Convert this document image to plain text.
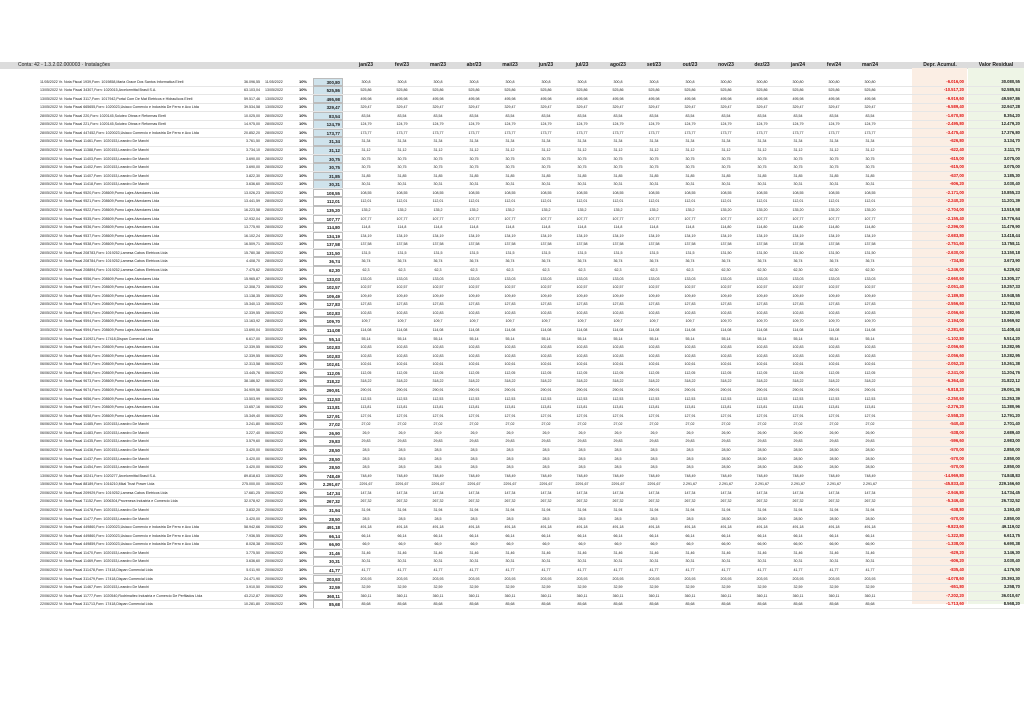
Conta: 42 - 1.3.2.02.000003 · Instalações	jan/23	fev/23	mar/23	abr/23	mai/23	jun/23	jul/23	ago/23	set/23	out/23	nov/23	dez/23	jan/24	fev/24	mar/24	Depr. Acumul.	Valor Residual
11/05/2022 Vr. Nota Fiscal 1939,Forn: 1019858,Maria Grace Dos Santos Informatica Eireli	36.096,55 11/05/2022	10%	300,80	300,8	300,8	300,8	300,8	300,8	300,8	300,8	300,8	300,8	300,8	300,80	300,80	300,80	300,80	300,80	-6.016,00	30.080,55
13/05/2022 Vr. Nota Fiscal 34307,Forn: 1020015,Arcelormittal Brasil S.A.	63.103,04 13/05/2022	10%	525,86	525,86	525,86	525,86	525,86	525,86	525,86	525,86	525,86	525,86	525,86	525,86	525,86	525,86	525,86	525,86	-10.517,20	52.585,84
13/05/2022 Vr. Nota Fiscal 3117,Forn: 1017942,Portal Com De Mat Eletricos e Hidraulicos Eireli	59.517,46 13/05/2022	10%	495,98	495,98	495,98	495,98	495,98	495,98	495,98	495,98	495,98	495,98	495,98	495,98	495,98	495,98	495,98	495,98	-9.919,60	49.597,86
13/05/2022 Vr. Nota Fiscal 665655,Forn: 1020023,Usiaco Comercio e Industria De Ferro e Aco Ltda	39.534,58 13/05/2022	10%	329,47	329,47	329,47	329,47	329,47	329,47	329,47	329,47	329,47	329,47	329,47	329,47	329,47	329,47	329,47	329,47	-6.589,40	32.947,28
28/05/2022 Vr. Nota Fiscal 220,Forn: 1020145,Soluteo Obras e Reformas Eireli	10.025,00 28/05/2022	10%	83,54	83,54	83,54	83,54	83,54	83,54	83,54	83,54	83,54	83,54	83,54	83,54	83,54	83,54	83,54	83,54	-1.670,80	8.354,20
28/05/2022 Vr. Nota Fiscal 221,Forn: 1020145,Soluteo Obras e Reformas Eireli	14.975,00 28/05/2022	10%	124,79	124,79	124,79	124,79	124,79	124,79	124,79	124,79	124,79	124,79	124,79	124,79	124,79	124,79	124,79	124,79	-2.495,80	12.479,20
28/05/2022 Vr. Nota Fiscal 447452,Forn: 1020023,Usiaco Comercio e Industria De Ferro e Aco Ltda	20.852,20 28/05/2022	10%	173,77	173,77	173,77	173,77	173,77	173,77	173,77	173,77	173,77	173,77	173,77	173,77	173,77	173,77	173,77	173,77	-3.475,40	17.376,80
28/05/2022 Vr. Nota Fiscal 11461,Forn: 1020153,Leandro De Marchi	3.761,50 28/05/2022	10%	31,34	31,34	31,34	31,34	31,34	31,34	31,34	31,34	31,34	31,34	31,34	31,34	31,34	31,34	31,34	31,34	-626,80	3.134,70
28/05/2022 Vr. Nota Fiscal 11388,Forn: 1020153,Leandro De Marchi	3.734,10 28/05/2022	10%	31,12	31,12	31,12	31,12	31,12	31,12	31,12	31,12	31,12	31,12	31,12	31,12	31,12	31,12	31,12	31,12	-622,40	3.111,70
28/05/2022 Vr. Nota Fiscal 11403,Forn: 1020153,Leandro De Marchi	3.690,00 28/05/2022	10%	30,75	30,75	30,75	30,75	30,75	30,75	30,75	30,75	30,75	30,75	30,75	30,75	30,75	30,75	30,75	30,75	-615,00	3.075,00
28/05/2022 Vr. Nota Fiscal 11402,Forn: 1020153,Leandro De Marchi	3.690,00 28/05/2022	10%	30,75	30,75	30,75	30,75	30,75	30,75	30,75	30,75	30,75	30,75	30,75	30,75	30,75	30,75	30,75	30,75	-615,00	3.075,00
28/05/2022 Vr. Nota Fiscal 11407,Forn: 1020153,Leandro De Marchi	3.822,30 28/05/2022	10%	31,85	31,85	31,85	31,85	31,85	31,85	31,85	31,85	31,85	31,85	31,85	31,85	31,85	31,85	31,85	31,85	-637,00	3.185,30
28/05/2022 Vr. Nota Fiscal 11418,Forn: 1020153,Leandro De Marchi	3.636,60 28/05/2022	10%	30,31	30,31	30,31	30,31	30,31	30,31	30,31	30,31	30,31	30,31	30,31	30,31	30,31	30,31	30,31	30,31	-606,20	3.030,40
28/05/2022 Vr. Nota Fiscal 9520,Forn: 208609,Pumo Lajes Alveolares Ltda	13.026,23 28/05/2022	10%	108,55	108,55	108,55	108,55	108,55	108,55	108,55	108,55	108,55	108,55	108,55	108,55	108,55	108,55	108,55	108,55	-2.171,00	10.855,23
28/05/2022 Vr. Nota Fiscal 9521,Forn: 208609,Pumo Lajes Alveolares Ltda	13.441,59 28/05/2022	10%	112,01	112,01	112,01	112,01	112,01	112,01	112,01	112,01	112,01	112,01	112,01	112,01	112,01	112,01	112,01	112,01	-2.240,20	11.201,39
28/05/2022 Vr. Nota Fiscal 9522,Forn: 208609,Pumo Lajes Alveolares Ltda	16.223,58 28/05/2022	10%	135,20	135,2	135,2	135,2	135,2	135,2	135,2	135,2	135,2	135,2	135,2	135,20	135,20	135,20	135,20	135,20	-2.704,00	13.519,58
28/05/2022 Vr. Nota Fiscal 9535,Forn: 208609,Pumo Lajes Alveolares Ltda	12.932,04 28/05/2022	10%	107,77	107,77	107,77	107,77	107,77	107,77	107,77	107,77	107,77	107,77	107,77	107,77	107,77	107,77	107,77	107,77	-2.155,40	10.776,64
28/05/2022 Vr. Nota Fiscal 9536,Forn: 208609,Pumo Lajes Alveolares Ltda	13.775,90 28/05/2022	10%	114,80	114,8	114,8	114,8	114,8	114,8	114,8	114,8	114,8	114,8	114,8	114,80	114,80	114,80	114,80	114,80	-2.296,00	11.479,90
28/05/2022 Vr. Nota Fiscal 9537,Forn: 208609,Pumo Lajes Alveolares Ltda	16.102,24 28/05/2022	10%	134,19	134,19	134,19	134,19	134,19	134,19	134,19	134,19	134,19	134,19	134,19	134,19	134,19	134,19	134,19	134,19	-2.683,80	13.418,44
28/05/2022 Vr. Nota Fiscal 9538,Forn: 208609,Pumo Lajes Alveolares Ltda	16.509,71 28/05/2022	10%	137,58	137,58	137,58	137,58	137,58	137,58	137,58	137,58	137,58	137,58	137,58	137,58	137,58	137,58	137,58	137,58	-2.751,60	13.758,11
28/05/2022 Vr. Nota Fiscal 208783,Forn: 1019252,Lamesa Cabos Eletricos Ltda	15.780,38 28/05/2022	10%	131,50	131,5	131,5	131,5	131,5	131,5	131,5	131,5	131,5	131,5	131,5	131,50	131,50	131,50	131,50	131,50	-2.630,00	13.150,18
28/05/2022 Vr. Nota Fiscal 208784,Forn: 1019252,Lamesa Cabos Eletricos Ltda	4.408,70 28/05/2022	10%	36,74	36,74	36,74	36,74	36,74	36,74	36,74	36,74	36,74	36,74	36,74	36,74	36,74	36,74	36,74	36,74	-734,80	3.673,90
28/05/2022 Vr. Nota Fiscal 208894,Forn: 1019252,Lamesa Cabos Eletricos Ltda	7.475,62 28/05/2022	10%	62,30	62,3	62,3	62,3	62,3	62,3	62,3	62,3	62,3	62,3	62,3	62,30	62,30	62,30	62,30	62,30	-1.246,00	6.229,62
28/05/2022 Vr. Nota Fiscal 9556,Forn: 208609,Pumo Lajes Alveolares Ltda	15.965,87 28/05/2022	10%	133,03	133,03	133,03	133,03	133,03	133,03	133,03	133,03	133,03	133,03	133,03	133,03	133,03	133,03	133,03	133,03	-2.660,60	13.305,27
28/05/2022 Vr. Nota Fiscal 9557,Forn: 208609,Pumo Lajes Alveolares Ltda	12.308,73 28/05/2022	10%	102,57	102,57	102,57	102,57	102,57	102,57	102,57	102,57	102,57	102,57	102,57	102,57	102,57	102,57	102,57	102,57	-2.051,40	10.257,33
28/05/2022 Vr. Nota Fiscal 9558,Forn: 208609,Pumo Lajes Alveolares Ltda	13.138,35 28/05/2022	10%	109,49	109,49	109,49	109,49	109,49	109,49	109,49	109,49	109,49	109,49	109,49	109,49	109,49	109,49	109,49	109,49	-2.189,80	10.948,55
28/05/2022 Vr. Nota Fiscal 9574,Forn: 208609,Pumo Lajes Alveolares Ltda	15.340,13 28/05/2022	10%	127,83	127,83	127,83	127,83	127,83	127,83	127,83	127,83	127,83	127,83	127,83	127,83	127,83	127,83	127,83	127,83	-2.556,60	12.783,53
28/05/2022 Vr. Nota Fiscal 9593,Forn: 208609,Pumo Lajes Alveolares Ltda	12.339,55 28/05/2022	10%	102,83	102,83	102,83	102,83	102,83	102,83	102,83	102,83	102,83	102,83	102,83	102,83	102,83	102,83	102,83	102,83	-2.056,60	10.282,95
28/05/2022 Vr. Nota Fiscal 9594,Forn: 208609,Pumo Lajes Alveolares Ltda	13.163,92 28/05/2022	10%	109,70	109,7	109,7	109,7	109,7	109,7	109,7	109,7	109,7	109,7	109,7	109,70	109,70	109,70	109,70	109,70	-2.194,00	10.969,92
30/05/2022 Vr. Nota Fiscal 9594,Forn: 208609,Pumo Lajes Alveolares Ltda	13.690,04 30/05/2022	10%	114,08	114,08	114,08	114,08	114,08	114,08	114,08	114,08	114,08	114,08	114,08	114,08	114,08	114,08	114,08	114,08	-2.281,60	11.408,44
30/05/2022 Vr. Nota Fiscal 310921,Forn: 17418,Dispan Comercial Ltda	6.617,00 30/05/2022	10%	55,14	55,14	55,14	55,14	55,14	55,14	55,14	55,14	55,14	55,14	55,14	55,14	55,14	55,14	55,14	55,14	-1.102,80	5.514,20
06/06/2022 Vr. Nota Fiscal 9645,Forn: 208609,Pumo Lajes Alveolares Ltda	12.339,55 06/06/2022	10%	102,83	102,83	102,83	102,83	102,83	102,83	102,83	102,83	102,83	102,83	102,83	102,83	102,83	102,83	102,83	102,83	-2.056,60	10.282,95
06/06/2022 Vr. Nota Fiscal 9646,Forn: 208609,Pumo Lajes Alveolares Ltda	12.339,55 06/06/2022	10%	102,83	102,83	102,83	102,83	102,83	102,83	102,83	102,83	102,83	102,83	102,83	102,83	102,83	102,83	102,83	102,83	-2.056,60	10.282,95
06/06/2022 Vr. Nota Fiscal 9647,Forn: 208609,Pumo Lajes Alveolares Ltda	12.313,58 06/06/2022	10%	102,61	102,61	102,61	102,61	102,61	102,61	102,61	102,61	102,61	102,61	102,61	102,61	102,61	102,61	102,61	102,61	-2.052,20	10.261,38
06/06/2022 Vr. Nota Fiscal 9648,Forn: 208609,Pumo Lajes Alveolares Ltda	13.445,76 06/06/2022	10%	112,05	112,05	112,05	112,05	112,05	112,05	112,05	112,05	112,05	112,05	112,05	112,05	112,05	112,05	112,05	112,05	-2.241,00	11.204,76
06/06/2022 Vr. Nota Fiscal 9673,Forn: 208609,Pumo Lajes Alveolares Ltda	38.186,52 06/06/2022	10%	318,22	318,22	318,22	318,22	318,22	318,22	318,22	318,22	318,22	318,22	318,22	318,22	318,22	318,22	318,22	318,22	-6.364,40	31.822,12
06/06/2022 Vr. Nota Fiscal 9674,Forn: 208609,Pumo Lajes Alveolares Ltda	34.909,56 06/06/2022	10%	290,91	290,91	290,91	290,91	290,91	290,91	290,91	290,91	290,91	290,91	290,91	290,91	290,91	290,91	290,91	290,91	-5.818,20	29.091,36
06/06/2022 Vr. Nota Fiscal 9656,Forn: 208609,Pumo Lajes Alveolares Ltda	13.503,99 06/06/2022	10%	112,53	112,53	112,53	112,53	112,53	112,53	112,53	112,53	112,53	112,53	112,53	112,53	112,53	112,53	112,53	112,53	-2.250,60	11.253,39
06/06/2022 Vr. Nota Fiscal 9657,Forn: 208609,Pumo Lajes Alveolares Ltda	13.657,16 06/06/2022	10%	113,81	113,81	113,81	113,81	113,81	113,81	113,81	113,81	113,81	113,81	113,81	113,81	113,81	113,81	113,81	113,81	-2.276,20	11.380,96
06/06/2022 Vr. Nota Fiscal 9658,Forn: 208609,Pumo Lajes Alveolares Ltda	15.349,40 06/06/2022	10%	127,91	127,91	127,91	127,91	127,91	127,91	127,91	127,91	127,91	127,91	127,91	127,91	127,91	127,91	127,91	127,91	-2.558,20	12.791,20
06/06/2022 Vr. Nota Fiscal 11485,Forn: 1020153,Leandro De Marchi	3.241,80 06/06/2022	10%	27,02	27,02	27,02	27,02	27,02	27,02	27,02	27,02	27,02	27,02	27,02	27,02	27,02	27,02	27,02	27,02	-540,40	2.701,40
06/06/2022 Vr. Nota Fiscal 11483,Forn: 1020153,Leandro De Marchi	3.227,40 06/06/2022	10%	26,90	26,9	26,9	26,9	26,9	26,9	26,9	26,9	26,9	26,9	26,9	26,90	26,90	26,90	26,90	26,90	-538,00	2.689,40
06/06/2022 Vr. Nota Fiscal 11435,Forn: 1020153,Leandro De Marchi	3.579,60 06/06/2022	10%	29,83	29,83	29,83	29,83	29,83	29,83	29,83	29,83	29,83	29,83	29,83	29,83	29,83	29,83	29,83	29,83	-596,60	2.983,00
06/06/2022 Vr. Nota Fiscal 11436,Forn: 1020153,Leandro De Marchi	3.420,00 06/06/2022	10%	28,50	28,5	28,5	28,5	28,5	28,5	28,5	28,5	28,5	28,5	28,5	28,50	28,50	28,50	28,50	28,50	-570,00	2.850,00
06/06/2022 Vr. Nota Fiscal 11437,Forn: 1020153,Leandro De Marchi	3.420,00 06/06/2022	10%	28,50	28,5	28,5	28,5	28,5	28,5	28,5	28,5	28,5	28,5	28,5	28,50	28,50	28,50	28,50	28,50	-570,00	2.850,00
06/06/2022 Vr. Nota Fiscal 11454,Forn: 1020153,Leandro De Marchi	3.420,00 06/06/2022	10%	28,50	28,5	28,5	28,5	28,5	28,5	28,5	28,5	28,5	28,5	28,5	28,50	28,50	28,50	28,50	28,50	-570,00	2.850,00
13/06/2022 Vr. Nota Fiscal 10241,Forn: 1020277,Arcelormittal Brasil S.A.	89.818,63 13/06/2022	10%	748,49	748,49	748,49	748,49	748,49	748,49	748,49	748,49	748,49	748,49	748,49	748,49	748,49	748,49	748,49	748,49	-14.969,80	74.848,83
15/06/2022 Vr. Nota Fiscal 88189,Forn: 1016210,Mkal Trust Power Ltda	275.000,00 15/06/2022	10%	2.291,67	2291,67	2291,67	2291,67	2291,67	2291,67	2291,67	2291,67	2291,67	2291,67	2.291,67	2.291,67	2.291,67	2.291,67	2.291,67	2.291,67	-45.833,40	229.166,60
20/06/2022 Vr. Nota Fiscal 209929,Forn: 1019252,Lamesa Cabos Eletricos Ltda	17.681,25 20/06/2022	10%	147,34	147,34	147,34	147,34	147,34	147,34	147,34	147,34	147,34	147,34	147,34	147,34	147,34	147,34	147,34	147,34	-2.946,80	14.734,45
20/06/2022 Vr. Nota Fiscal 71152,Forn: 1006304,Proveneza Industria e Comercio Ltda	32.078,92 20/06/2022	10%	267,32	267,32	267,32	267,32	267,32	267,32	267,32	267,32	267,32	267,32	267,32	267,32	267,32	267,32	267,32	267,32	-5.346,40	26.732,52
20/06/2022 Vr. Nota Fiscal 11478,Forn: 1020153,Leandro De Marchi	3.832,20 20/06/2022	10%	31,94	31,94	31,94	31,94	31,94	31,94	31,94	31,94	31,94	31,94	31,94	31,94	31,94	31,94	31,94	31,94	-638,80	3.193,40
20/06/2022 Vr. Nota Fiscal 11477,Forn: 1020153,Leandro De Marchi	3.420,00 20/06/2022	10%	28,50	28,5	28,5	28,5	28,5	28,5	28,5	28,5	28,5	28,5	28,5	28,50	28,50	28,50	28,50	28,50	-570,00	2.850,00
20/06/2022 Vr. Nota Fiscal 449860,Forn: 1020023,Usiaco Comercio e Industria De Ferro e Aco Ltda	58.942,66 20/06/2022	10%	491,18	491,18	491,18	491,18	491,18	491,18	491,18	491,18	491,18	491,18	491,18	491,18	491,18	491,18	491,18	491,18	-9.823,60	49.119,02
20/06/2022 Vr. Nota Fiscal 449860,Forn: 1020023,Usiaco Comercio e Industria De Ferro e Aco Ltda	7.936,55 20/06/2022	10%	66,14	66,14	66,14	66,14	66,14	66,14	66,14	66,14	66,14	66,14	66,14	66,14	66,14	66,14	66,14	66,14	-1.322,80	6.613,75
20/06/2022 Vr. Nota Fiscal 449859,Forn: 1020023,Usiaco Comercio e Industria De Ferro e Aco Ltda	8.028,38 20/06/2022	10%	66,90	66,9	66,9	66,9	66,9	66,9	66,9	66,9	66,9	66,9	66,9	66,90	66,90	66,90	66,90	66,90	-1.338,00	6.690,38
20/06/2022 Vr. Nota Fiscal 11470,Forn: 1020153,Leandro De Marchi	3.775,50 20/06/2022	10%	31,46	31,46	31,46	31,46	31,46	31,46	31,46	31,46	31,46	31,46	31,46	31,46	31,46	31,46	31,46	31,46	-629,20	3.146,30
20/06/2022 Vr. Nota Fiscal 11469,Forn: 1020153,Leandro De Marchi	3.636,60 20/06/2022	10%	30,31	30,31	30,31	30,31	30,31	30,31	30,31	30,31	30,31	30,31	30,31	30,31	30,31	30,31	30,31	30,31	-606,20	3.030,40
20/06/2022 Vr. Nota Fiscal 311478,Forn: 17418,Dispan Comercial Ltda	5.011,90 20/06/2022	10%	41,77	41,77	41,77	41,77	41,77	41,77	41,77	41,77	41,77	41,77	41,77	41,77	41,77	41,77	41,77	41,77	-835,40	4.176,50
20/06/2022 Vr. Nota Fiscal 311479,Forn: 17418,Dispan Comercial Ltda	24.471,90 20/06/2022	10%	203,93	203,93	203,93	203,93	203,93	203,93	203,93	203,93	203,93	203,93	203,93	203,93	203,93	203,93	203,93	203,93	-4.078,60	20.393,30
20/06/2022 Vr. Nota Fiscal 11467,Forn: 1020153,Leandro De Marchi	3.910,50 20/06/2022	10%	32,59	32,59	32,59	32,59	32,59	32,59	32,59	32,59	32,59	32,59	32,59	32,59	32,59	32,59	32,59	32,59	-651,80	3.258,70
20/06/2022 Vr. Nota Fiscal 11777,Forn: 1020540,Rodrimaltec Industria e Comercio De Perfilados Ltda	43.212,87 20/06/2022	10%	360,11	360,11	360,11	360,11	360,11	360,11	360,11	360,11	360,11	360,11	360,11	360,11	360,11	360,11	360,11	360,11	-7.202,20	36.010,67
22/06/2022 Vr. Nota Fiscal 311713,Forn: 17418,Dispan Comercial Ltda	10.281,80 22/06/2022	10%	85,68	85,68	85,68	85,68	85,68	85,68	85,68	85,68	85,68	85,68	85,68	85,68	85,68	85,68	85,68	85,68	-1.713,60	8.568,20
